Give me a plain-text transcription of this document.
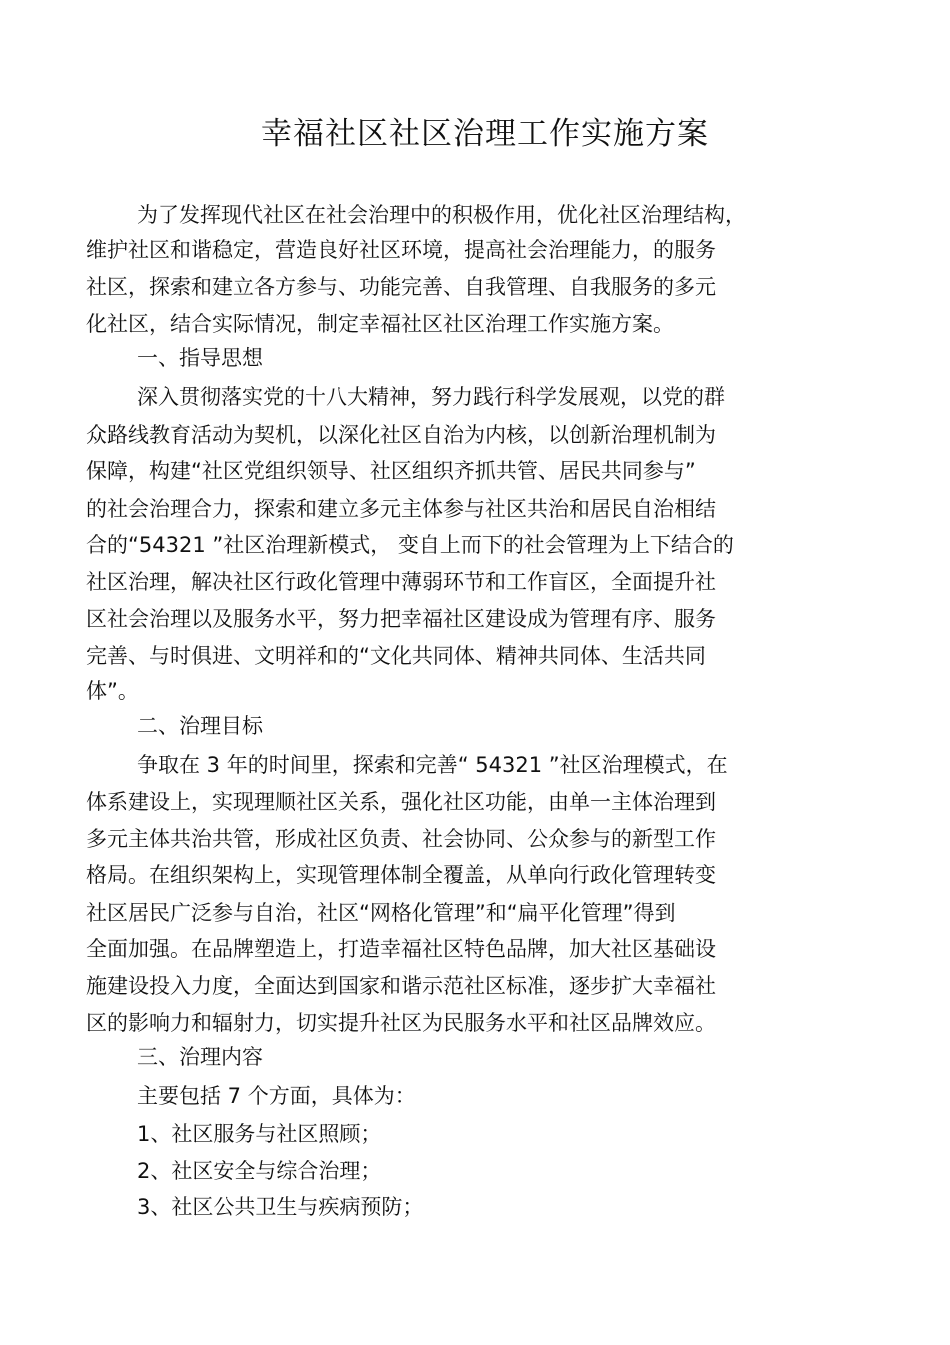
幸福社区社区治理工作实施方案
为了发挥现代社区在社会治理中的积极作用，优化社区治理结构，
维护社区和谐稳定，营造良好社区环境，提高社会治理能力，的服务
社区，探索和建立各方参与、功能完善、自我管理、自我服务的多元
化社区，结合实际情况，制定幸福社区社区治理工作实施方案。
一、指导思想
深入贯彻落实党的十八大精神，努力践行科学发展观，以党的群
众路线教育活动为契机，以深化社区自治为内核，以创新治理机制为
保障，构建“社区党组织领导、社区组织齐抓共管、居民共同参与”
的社会治理合力，探索和建立多元主体参与社区共治和居民自治相结
合的“54321 ”社区治理新模式， 变自上而下的社会管理为上下结合的
社区治理，解决社区行政化管理中薄弱环节和工作盲区，全面提升社
区社会治理以及服务水平，努力把幸福社区建设成为管理有序、服务
完善、与时俱进、文明祥和的“文化共同体、精神共同体、生活共同
体”。
二、治理目标
争取在 3 年的时间里，探索和完善“ 54321 ”社区治理模式，在
体系建设上，实现理顺社区关系，强化社区功能，由单一主体治理到
多元主体共治共管，形成社区负责、社会协同、公众参与的新型工作
格局。在组织架构上，实现管理体制全覆盖，从单向行政化管理转变
社区居民广泛参与自治，社区“网格化管理”和“扁平化管理”得到
全面加强。在品牌塑造上，打造幸福社区特色品牌，加大社区基础设
施建设投入力度，全面达到国家和谐示范社区标准，逐步扩大幸福社
区的影响力和辐射力，切实提升社区为民服务水平和社区品牌效应。
三、治理内容
主要包括 7 个方面，具体为：
1、社区服务与社区照顾；
2、社区安全与综合治理；
3、社区公共卫生与疾病预防；
